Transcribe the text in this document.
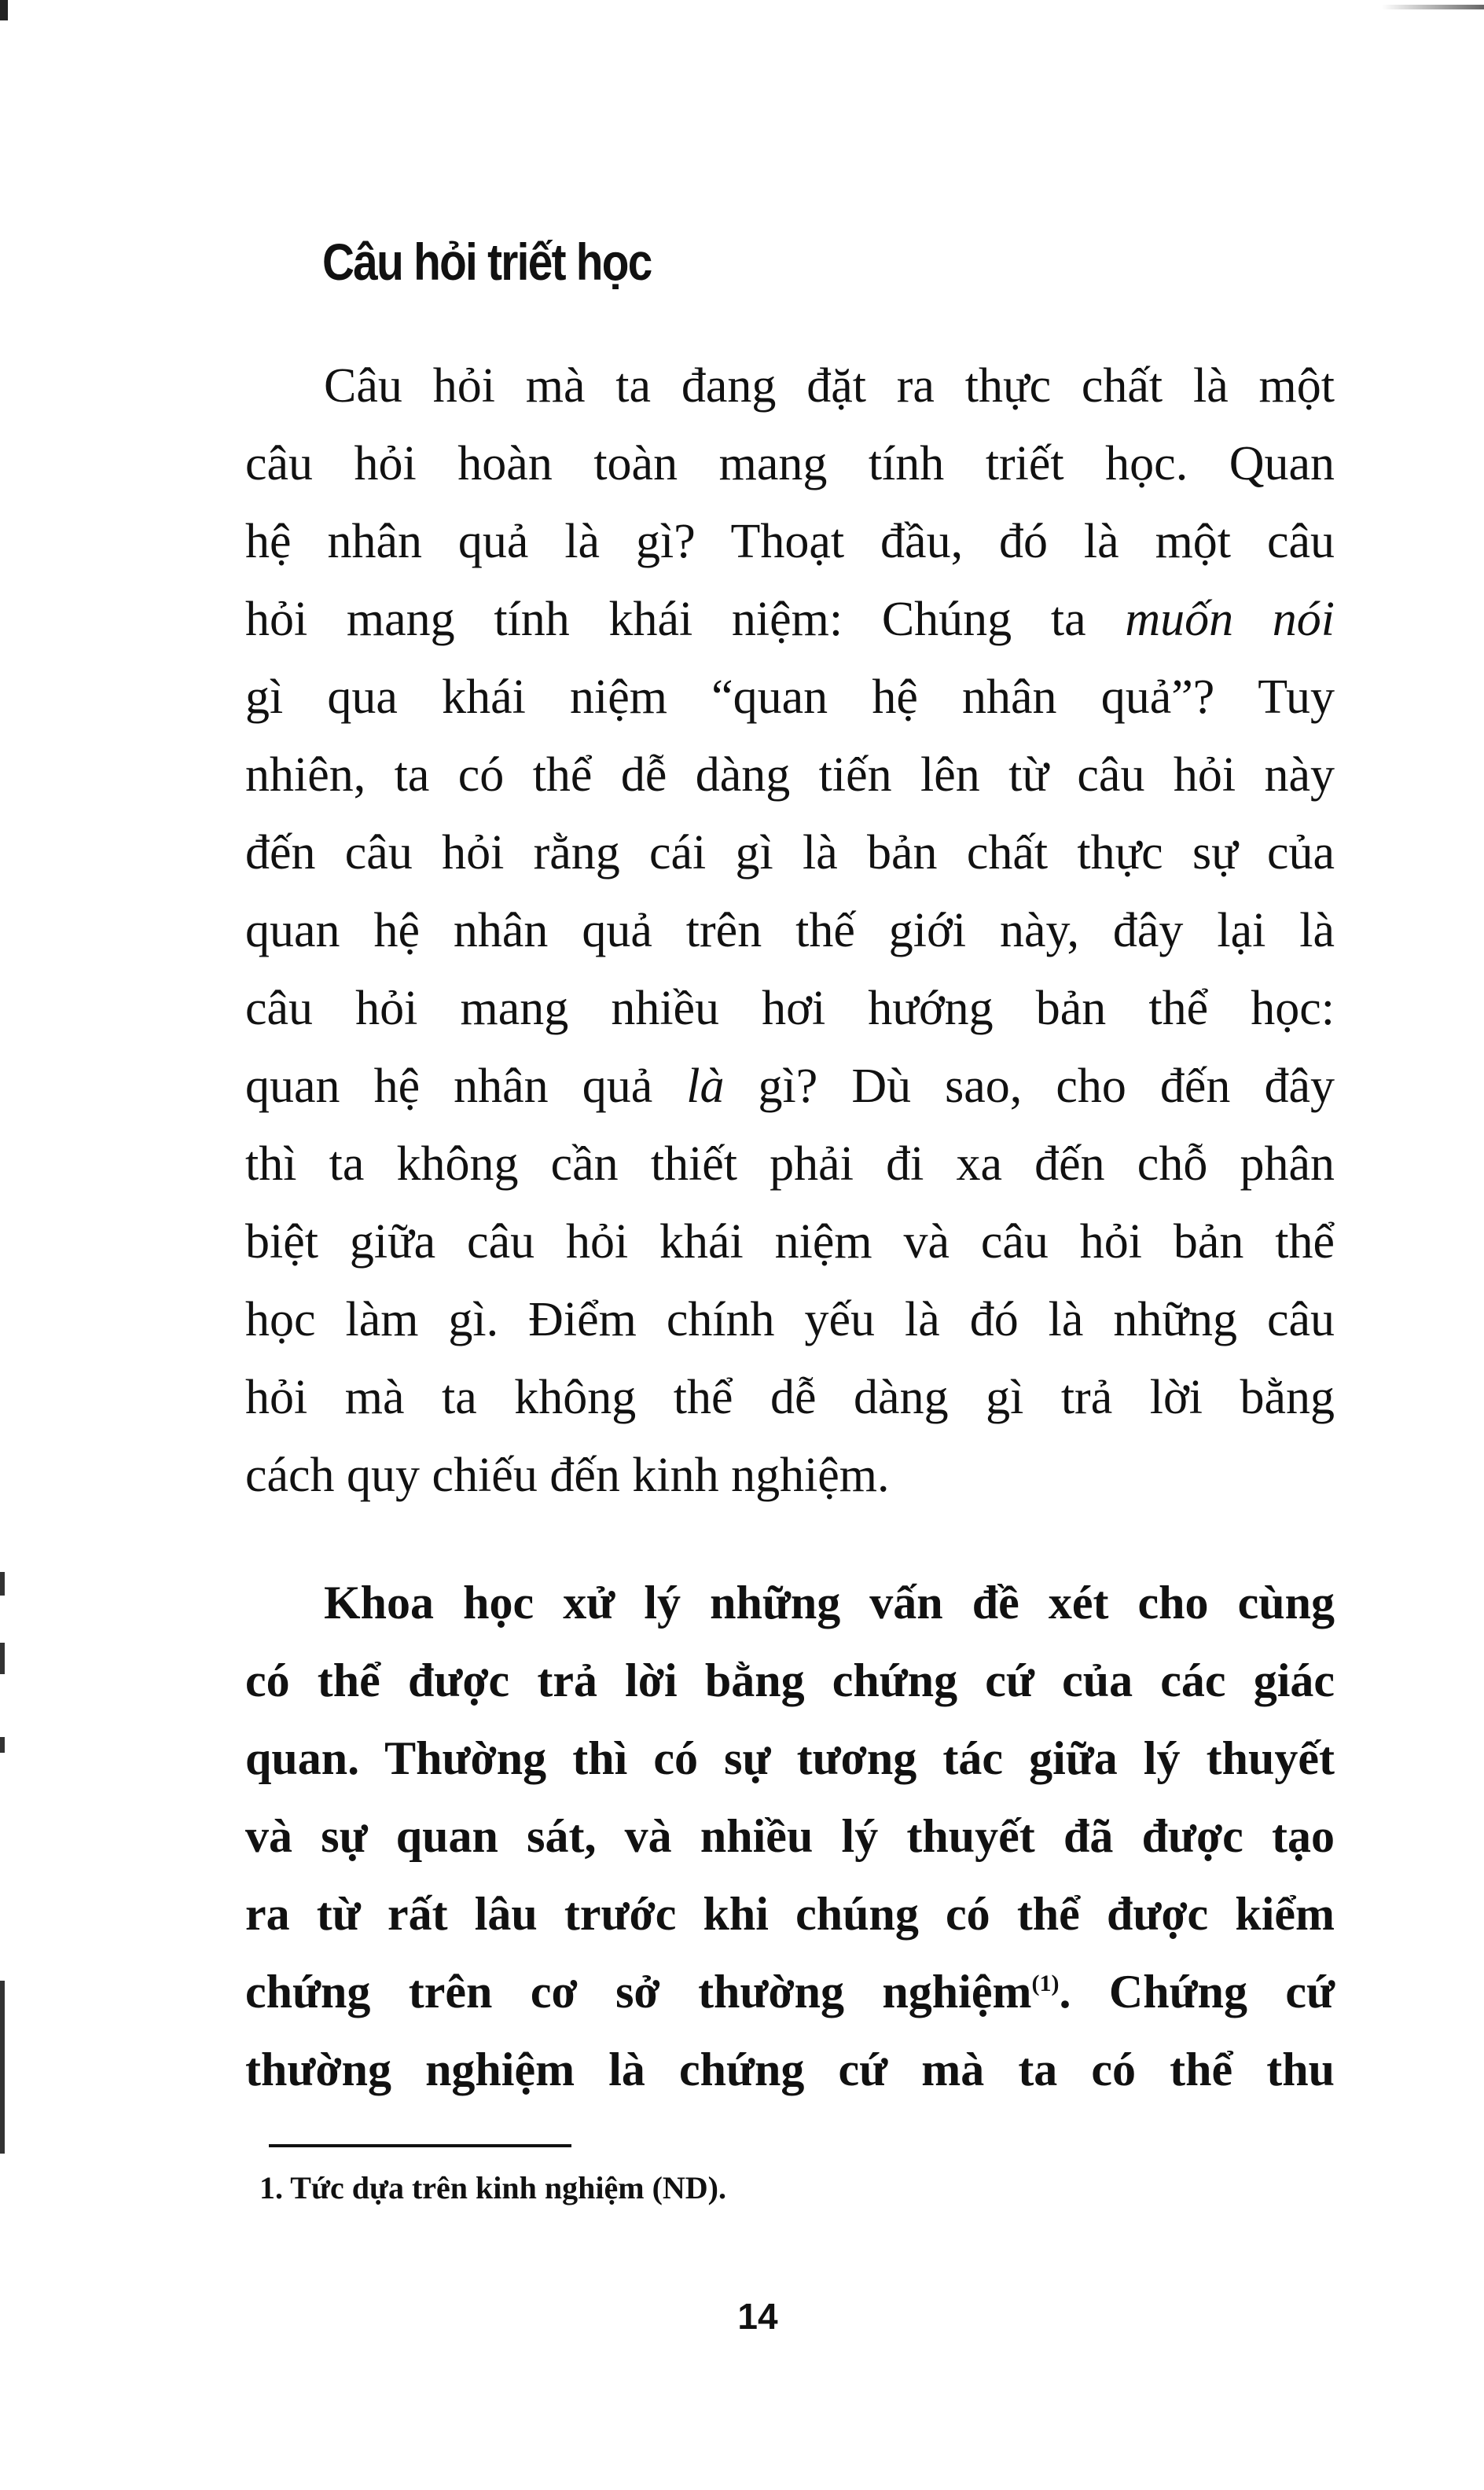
Câu hỏi triết học
Câu hỏi mà ta đang đặt ra thực chất là một
câu hỏi hoàn toàn mang tính triết học. Quan
hệ nhân quả là gì? Thoạt đầu, đó là một câu
hỏi mang tính khái niệm: Chúng ta muốn nói
gì qua khái niệm “quan hệ nhân quả”? Tuy
nhiên, ta có thể dễ dàng tiến lên từ câu hỏi này
đến câu hỏi rằng cái gì là bản chất thực sự của
quan hệ nhân quả trên thế giới này, đây lại là
câu hỏi mang nhiều hơi hướng bản thể học:
quan hệ nhân quả là gì? Dù sao, cho đến đây
thì ta không cần thiết phải đi xa đến chỗ phân
biệt giữa câu hỏi khái niệm và câu hỏi bản thể
học làm gì. Điểm chính yếu là đó là những câu
hỏi mà ta không thể dễ dàng gì trả lời bằng
cách quy chiếu đến kinh nghiệm.
Khoa học xử lý những vấn đề xét cho cùng
có thể được trả lời bằng chứng cứ của các giác
quan. Thường thì có sự tương tác giữa lý thuyết
và sự quan sát, và nhiều lý thuyết đã được tạo
ra từ rất lâu trước khi chúng có thể được kiểm
chứng trên cơ sở thường nghiệm$^{(1)}$. Chứng cứ
thường nghiệm là chứng cứ mà ta có thể thu
1. Tức dựa trên kinh nghiệm (ND).
14
